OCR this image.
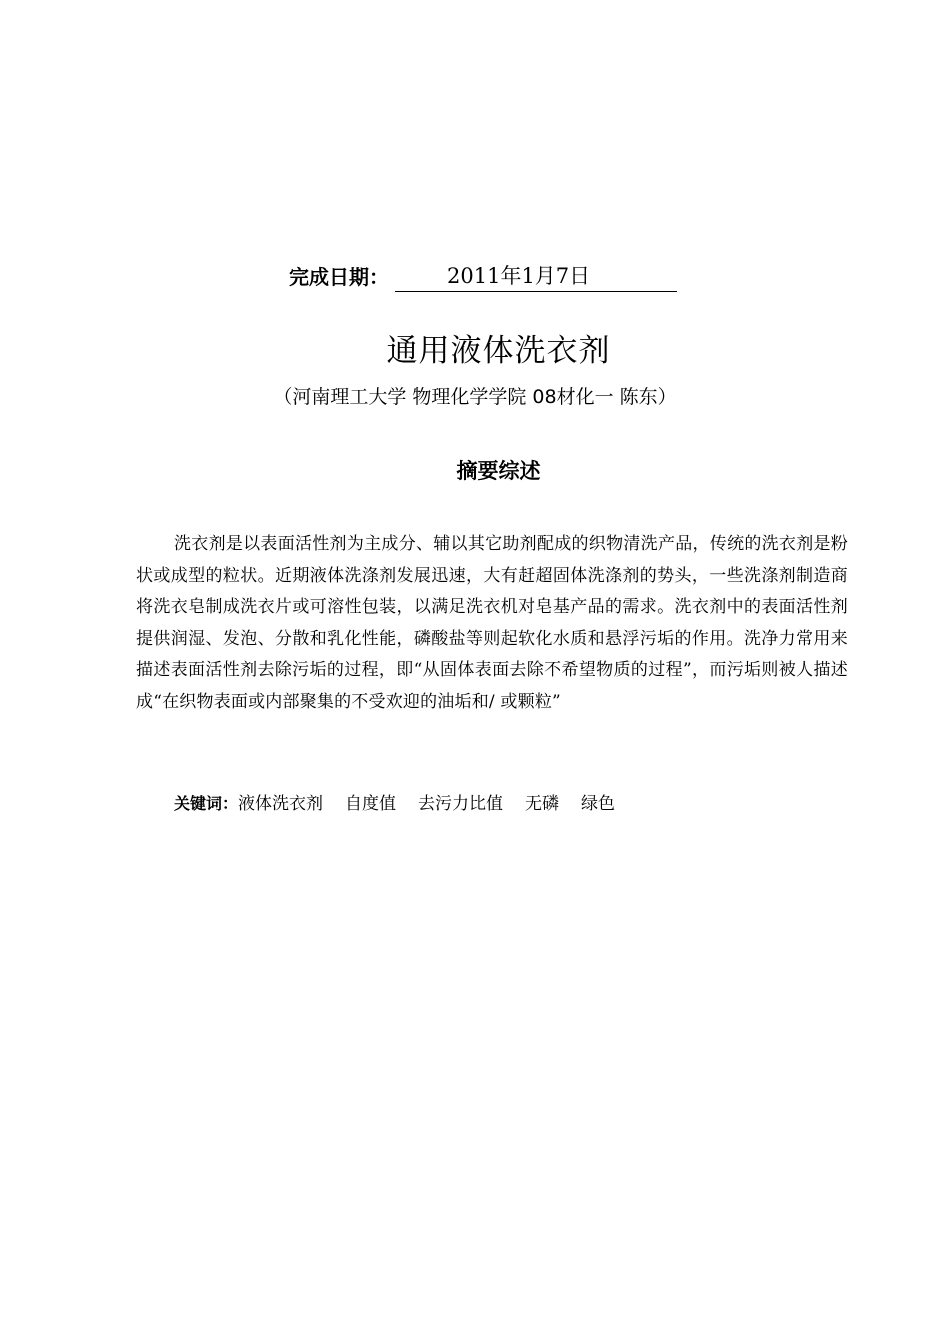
完成日期：	2011年1月7日
通用液体洗衣剂
（河南理工大学 物理化学学院 08材化一 陈东）
摘要综述

洗衣剂是以表面活性剂为主成分、辅以其它助剂配成的织物清洗产品，传统的洗衣剂是粉状或成型的粒状。近期液体洗涤剂发展迅速，大有赶超固体洗涤剂的势头，一些洗涤剂制造商将洗衣皂制成洗衣片或可溶性包装，以满足洗衣机对皂基产品的需求。洗衣剂中的表面活性剂提供润湿、发泡、分散和乳化性能，磷酸盐等则起软化水质和悬浮污垢的作用。洗净力常用来描述表面活性剂去除污垢的过程，即“从固体表面去除不希望物质的过程”，而污垢则被人描述成“在织物表面或内部聚集的不受欢迎的油垢和/ 或颗粒”

关键词：液体洗衣剂 自度值 去污力比值 无磷 绿色
